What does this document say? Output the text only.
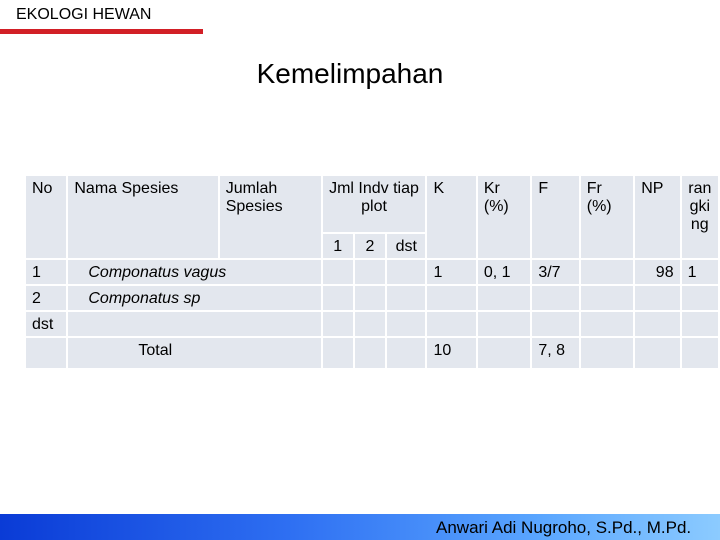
EKOLOGI HEWAN
Kemelimpahan
No	Nama Spesies	Jumlah Spesies	Jml Indv tiap plot			K	Kr (%)	F	Fr (%)	NP	ran gki ng
			1	2	dst						
1	Componatus vagus					1	0, 1	3/7		98	1
2	Componatus sp										
dst											
	Total					10		7, 8			
Anwari Adi Nugroho, S.Pd., M.Pd.
